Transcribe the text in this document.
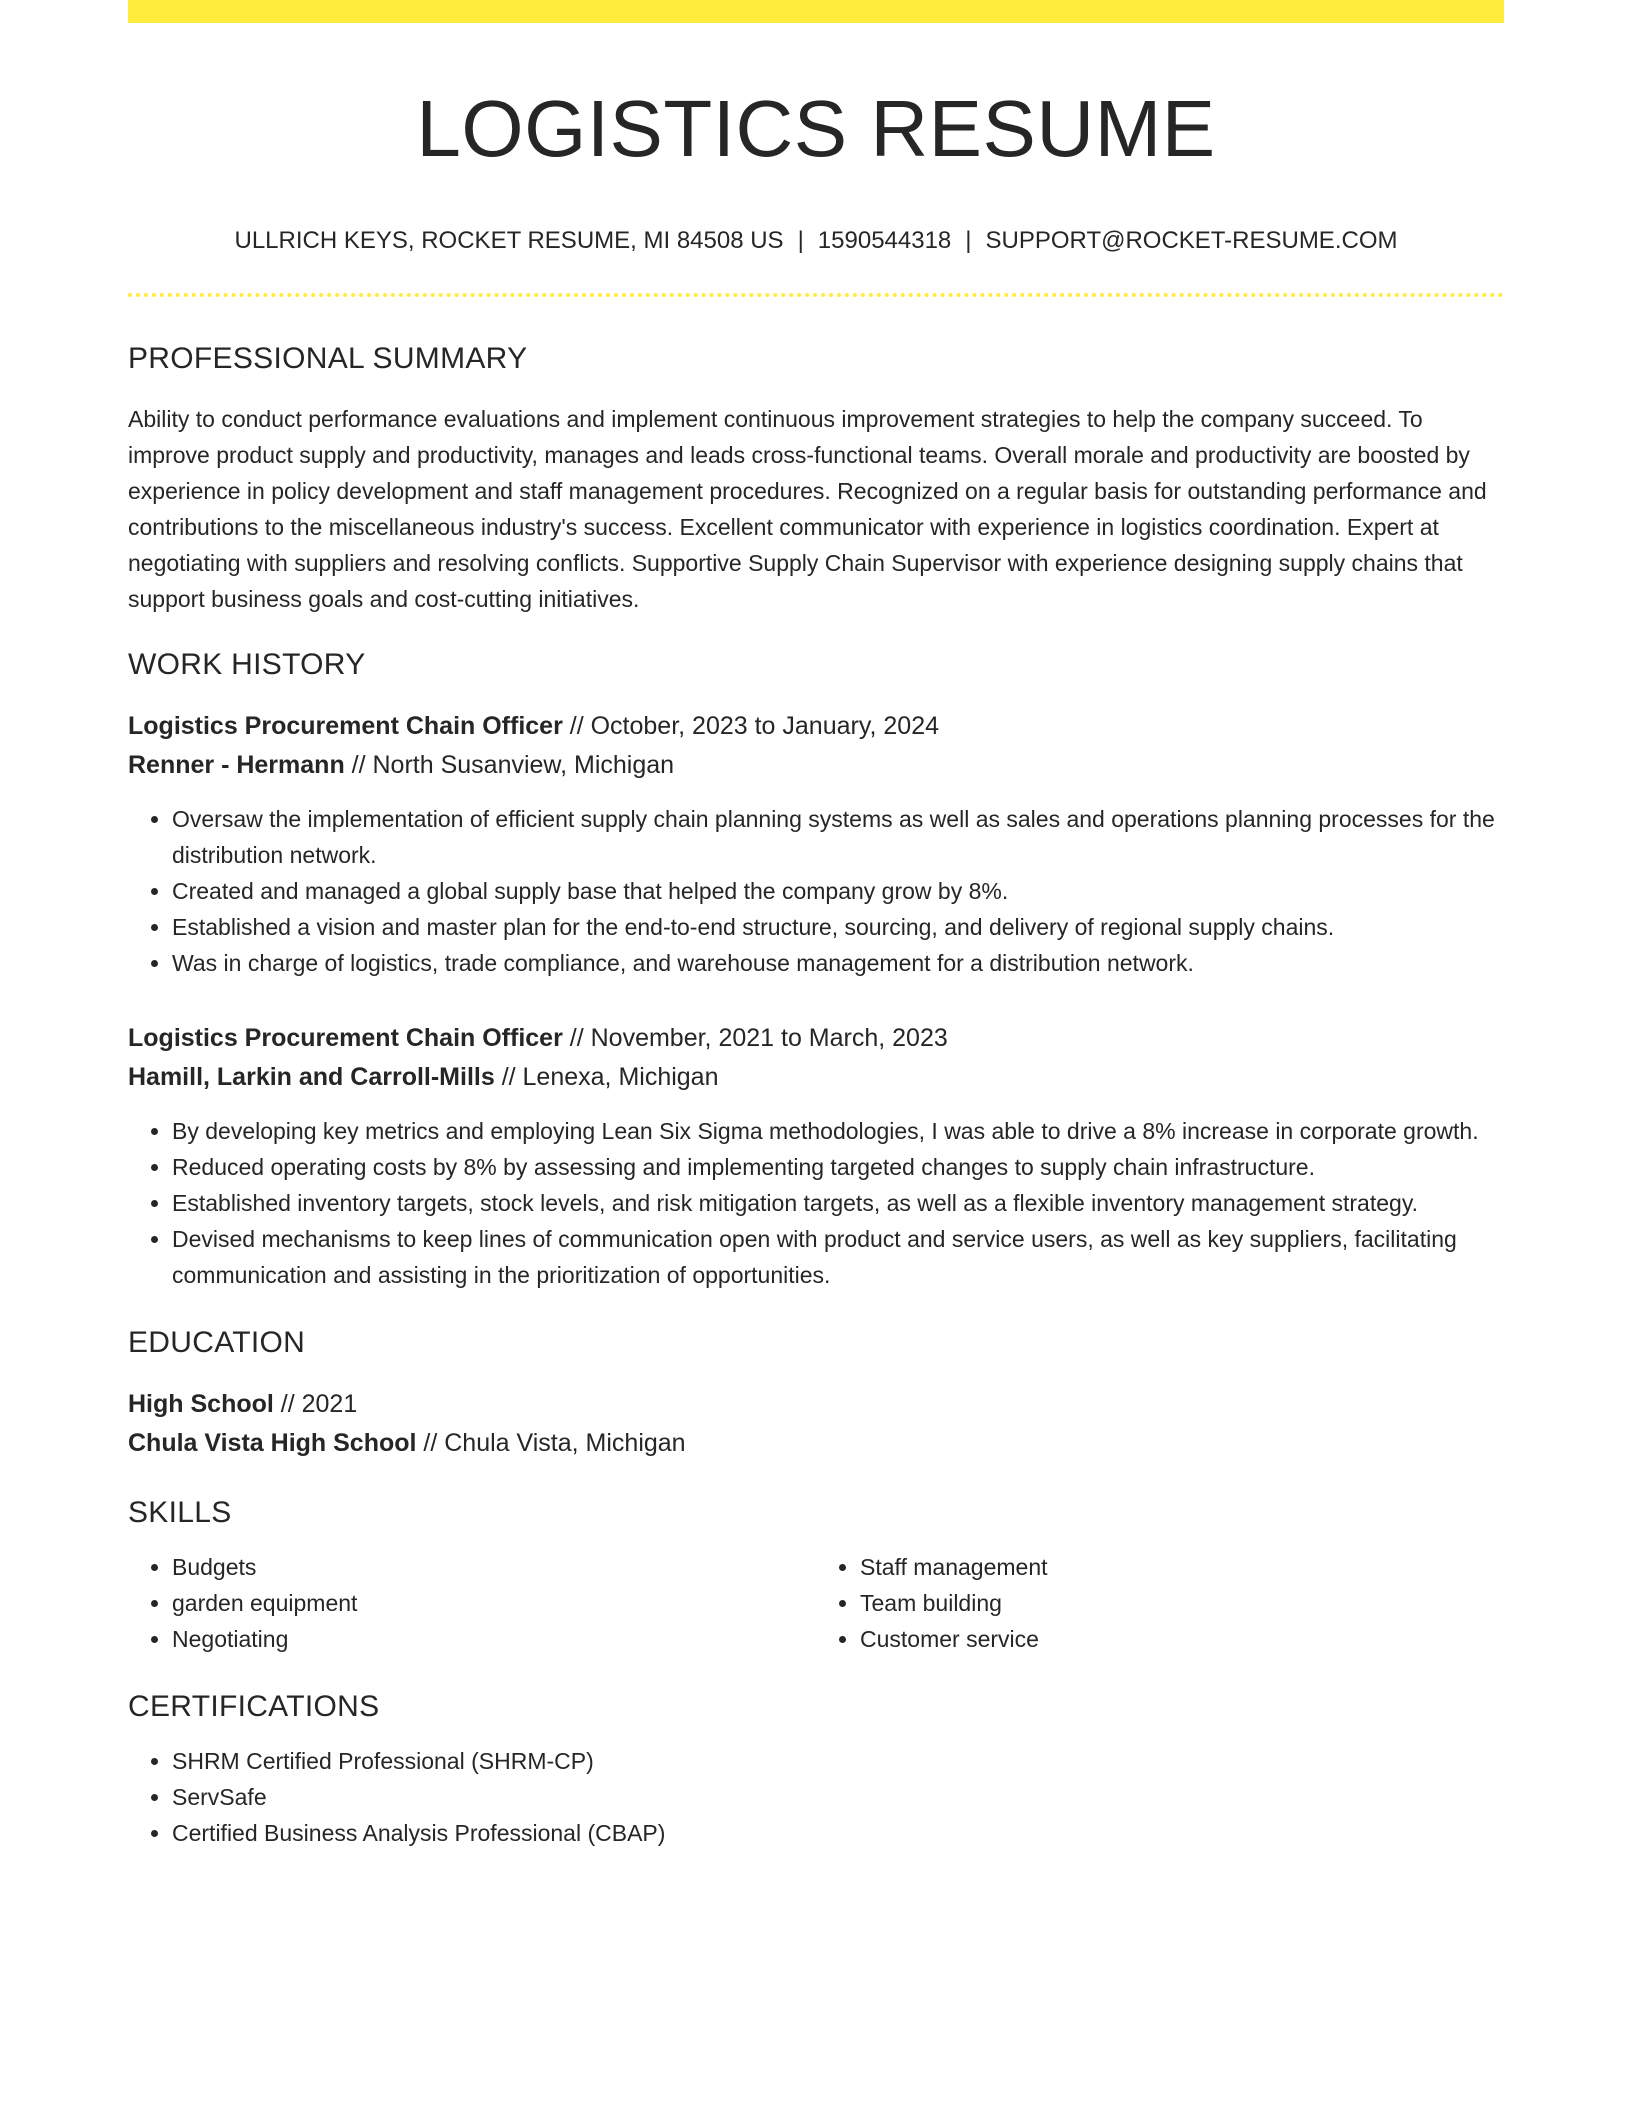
LOGISTICS RESUME
ULLRICH KEYS, ROCKET RESUME, MI 84508 US | 1590544318 | SUPPORT@ROCKET-RESUME.COM
PROFESSIONAL SUMMARY

Ability to conduct performance evaluations and implement continuous improvement strategies to help the company succeed. To improve product supply and productivity, manages and leads cross-functional teams. Overall morale and productivity are boosted by experience in policy development and staff management procedures. Recognized on a regular basis for outstanding performance and contributions to the miscellaneous industry's success. Excellent communicator with experience in logistics coordination. Expert at negotiating with suppliers and resolving conflicts. Supportive Supply Chain Supervisor with experience designing supply chains that support business goals and cost-cutting initiatives.

WORK HISTORY
Logistics Procurement Chain Officer // October, 2023 to January, 2024
Renner - Hermann // North Susanview, Michigan
• Oversaw the implementation of efficient supply chain planning systems as well as sales and operations planning processes for the distribution network.
• Created and managed a global supply base that helped the company grow by 8%.
• Established a vision and master plan for the end-to-end structure, sourcing, and delivery of regional supply chains.
• Was in charge of logistics, trade compliance, and warehouse management for a distribution network.
Logistics Procurement Chain Officer // November, 2021 to March, 2023
Hamill, Larkin and Carroll-Mills // Lenexa, Michigan
• By developing key metrics and employing Lean Six Sigma methodologies, I was able to drive a 8% increase in corporate growth.
• Reduced operating costs by 8% by assessing and implementing targeted changes to supply chain infrastructure.
• Established inventory targets, stock levels, and risk mitigation targets, as well as a flexible inventory management strategy.
• Devised mechanisms to keep lines of communication open with product and service users, as well as key suppliers, facilitating communication and assisting in the prioritization of opportunities.
EDUCATION
High School // 2021
Chula Vista High School // Chula Vista, Michigan
SKILLS
• Budgets
• garden equipment
• Negotiating
• Staff management
• Team building
• Customer service
CERTIFICATIONS
• SHRM Certified Professional (SHRM-CP)
• ServSafe
• Certified Business Analysis Professional (CBAP)
